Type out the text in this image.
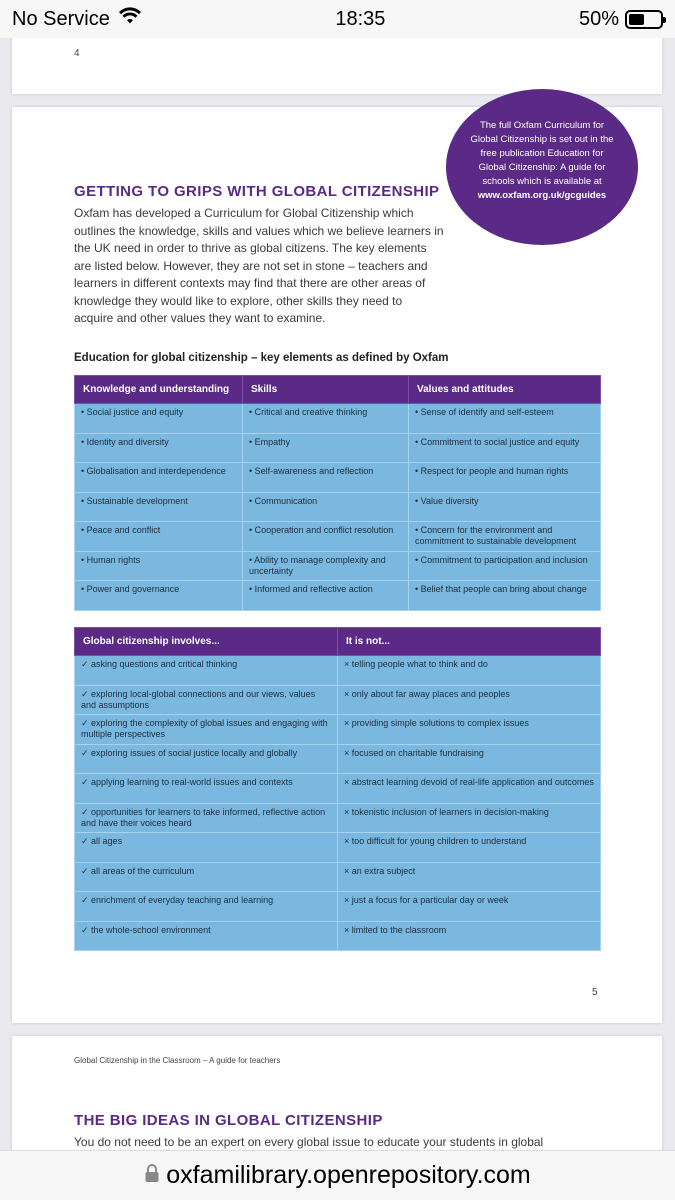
No Service	18:35	50%
4
The full Oxfam Curriculum for Global Citizenship is set out in the free publication Education for Global Citizenship: A guide for schools which is available at
www.oxfam.org.uk/gcguides
GETTING TO GRIPS WITH GLOBAL CITIZENSHIP
Oxfam has developed a Curriculum for Global Citizenship which outlines the knowledge, skills and values which we believe learners in the UK need in order to thrive as global citizens. The key elements are listed below. However, they are not set in stone – teachers and learners in different contexts may find that there are other areas of knowledge they would like to explore, other skills they need to acquire and other values they want to examine.
Education for global citizenship – key elements as defined by Oxfam
Knowledge and understanding	Skills	Values and attitudes
• Social justice and equity	• Critical and creative thinking	• Sense of identify and self-esteem
• Identity and diversity	• Empathy	• Commitment to social justice and equity
• Globalisation and interdependence	• Self-awareness and reflection	• Respect for people and human rights
• Sustainable development	• Communication	• Value diversity
• Peace and conflict	• Cooperation and conflict resolution	• Concern for the environment and commitment to sustainable development
• Human rights	• Ability to manage complexity and uncertainty	• Commitment to participation and inclusion
• Power and governance	• Informed and reflective action	• Belief that people can bring about change
Global citizenship involves...	It is not...
✓ asking questions and critical thinking	× telling people what to think and do
✓ exploring local-global connections and our views, values and assumptions	× only about far away places and peoples
✓ exploring the complexity of global issues and engaging with multiple perspectives	× providing simple solutions to complex issues
✓ exploring issues of social justice locally and globally	× focused on charitable fundraising
✓ applying learning to real-world issues and contexts	× abstract learning devoid of real-life application and outcomes
✓ opportunities for learners to take informed, reflective action and have their voices heard	× tokenistic inclusion of learners in decision-making
✓ all ages	× too difficult for young children to understand
✓ all areas of the curriculum	× an extra subject
✓ enrichment of everyday teaching and learning	× just a focus for a particular day or week
✓ the whole-school environment	× limited to the classroom
5
Global Citizenship in the Classroom – A guide for teachers
THE BIG IDEAS IN GLOBAL CITIZENSHIP
You do not need to be an expert on every global issue to educate your students in global
oxfamilibrary.openrepository.com
